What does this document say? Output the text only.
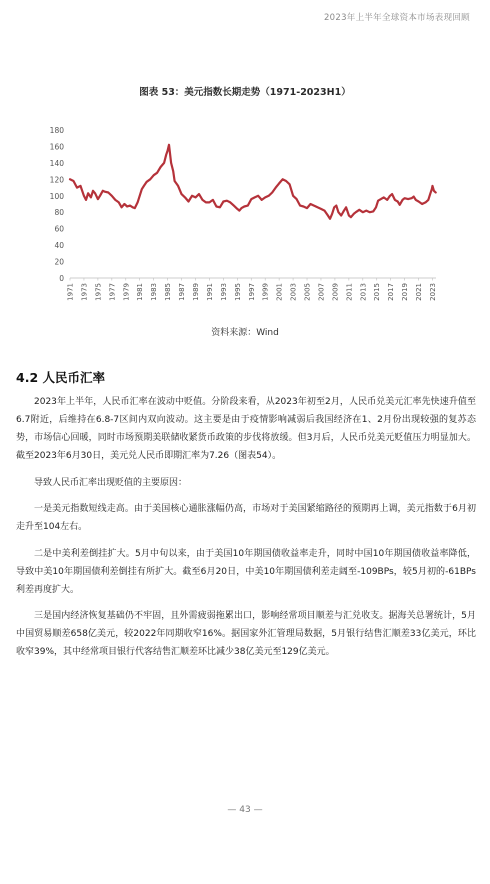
2023年上半年全球资本市场表现回顾
图表 53：美元指数长期走势（1971-2023H1）
0
20
40
60
80
100
120
140
160
180
1971 1973 1975 1977 1979 1981 1983 1985 1987 1989 1991 1993 1995 1997 1999 2001 2003 2005 2007 2009 2011 2013 2015 2017 2019 2021 2023
资料来源：Wind
4.2 人民币汇率

2023年上半年，人民币汇率在波动中贬值。分阶段来看，从2023年初至2月，人民币兑美元汇率先快速升值至6.7附近，后维持在6.8-7区间内双向波动。这主要是由于疫情影响减弱后我国经济在1、2月份出现较强的复苏态势，市场信心回暖，同时市场预期美联储收紧货币政策的步伐将放缓。但3月后，人民币兑美元贬值压力明显加大。截至2023年6月30日，美元兑人民币即期汇率为7.26（图表54）。

导致人民币汇率出现贬值的主要原因：

一是美元指数短线走高。由于美国核心通胀涨幅仍高，市场对于美国紧缩路径的预期再上调，美元指数于6月初走升至104左右。

二是中美利差倒挂扩大。5月中旬以来，由于美国10年期国债收益率走升，同时中国10年期国债收益率降低，导致中美10年期国债利差倒挂有所扩大。截至6月20日，中美10年期国债利差走阔至-109BPs，较5月初的-61BPs利差再度扩大。

三是国内经济恢复基础仍不牢固，且外需疲弱拖累出口，影响经常项目顺差与汇兑收支。据海关总署统计，5月中国贸易顺差658亿美元，较2022年同期收窄16%。据国家外汇管理局数据，5月银行结售汇顺差33亿美元，环比收窄39%，其中经常项目银行代客结售汇顺差环比减少38亿美元至129亿美元。

— 43 —
